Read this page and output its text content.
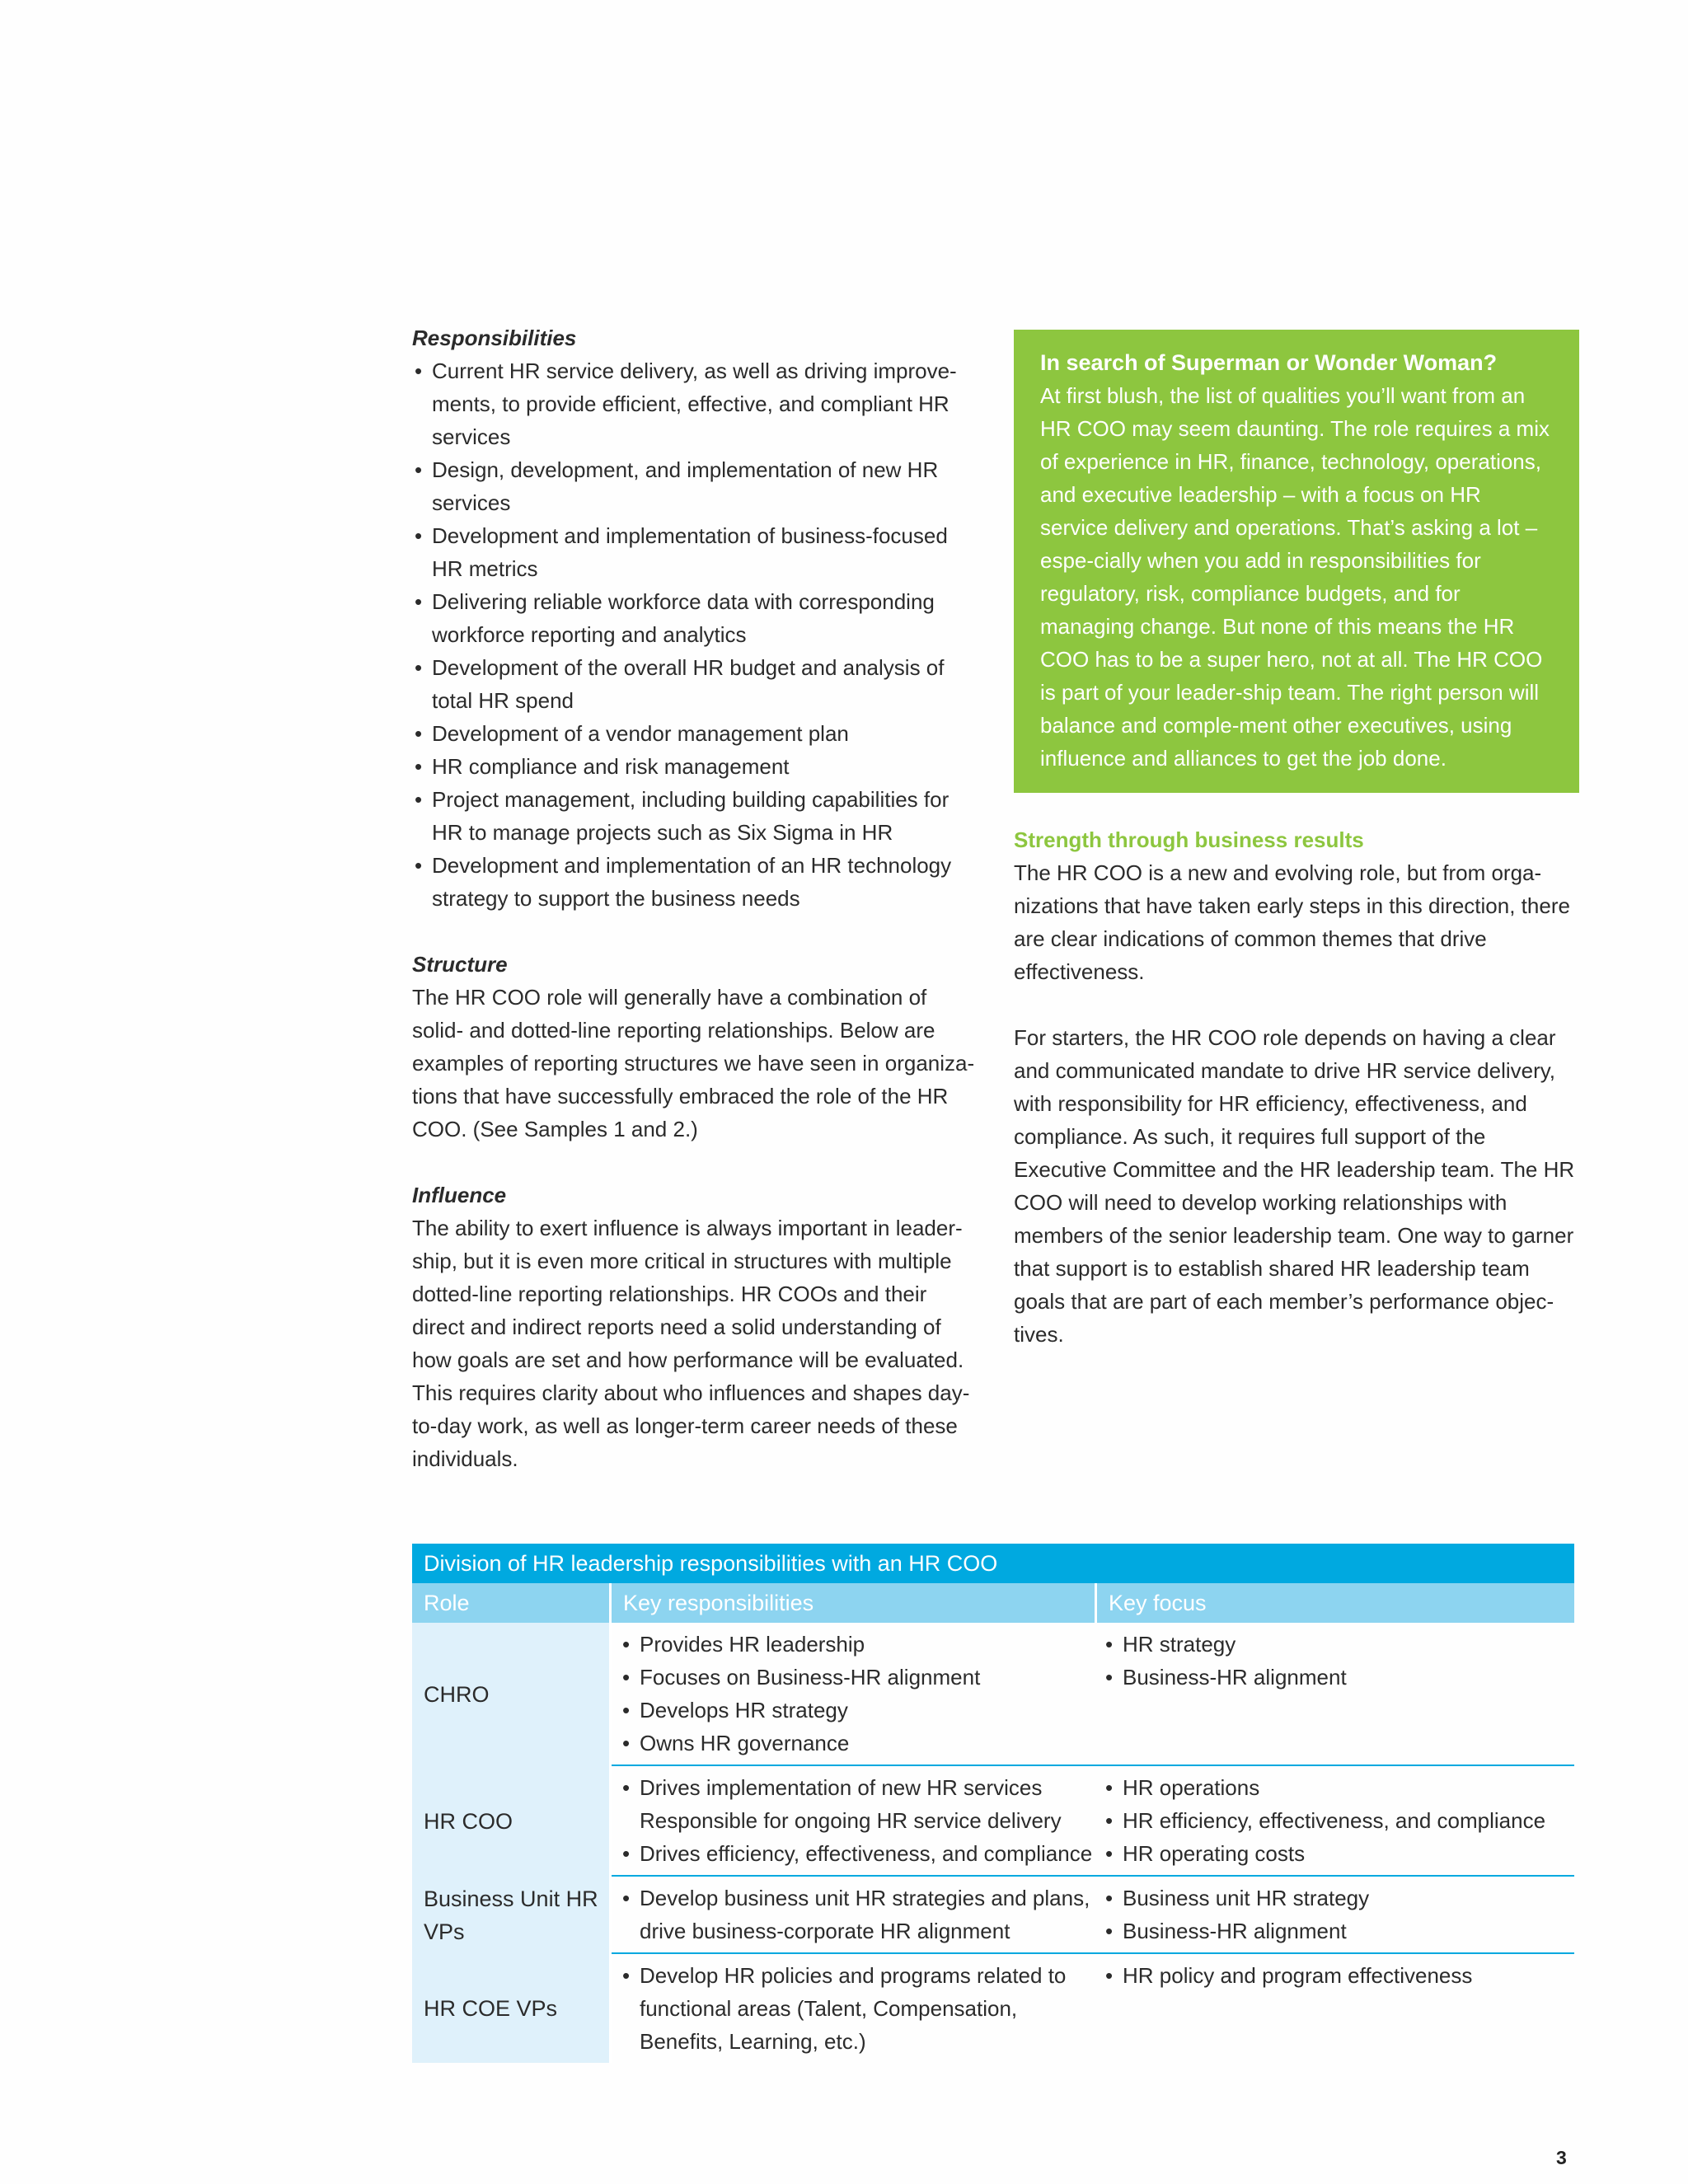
Responsibilities

• Current HR service delivery, as well as driving improve-ments, to provide efficient, effective, and compliant HR services
• Design, development, and implementation of new HR services
• Development and implementation of business-focused HR metrics
• Delivering reliable workforce data with corresponding workforce reporting and analytics
• Development of the overall HR budget and analysis of total HR spend
• Development of a vendor management plan
• HR compliance and risk management
• Project management, including building capabilities for HR to manage projects such as Six Sigma in HR
• Development and implementation of an HR technology strategy to support the business needs

Structure

The HR COO role will generally have a combination of solid- and dotted-line reporting relationships. Below are examples of reporting structures we have seen in organiza-tions that have successfully embraced the role of the HR COO. (See Samples 1 and 2.)

Influence

The ability to exert influence is always important in leader-ship, but it is even more critical in structures with multiple dotted-line reporting relationships. HR COOs and their direct and indirect reports need a solid understanding of how goals are set and how performance will be evaluated. This requires clarity about who influences and shapes day-to-day work, as well as longer-term career needs of these individuals.

In search of Superman or Wonder Woman?
At first blush, the list of qualities you’ll want from an HR COO may seem daunting. The role requires a mix of experience in HR, finance, technology, operations, and executive leadership – with a focus on HR service delivery and operations. That’s asking a lot – espe-cially when you add in responsibilities for regulatory, risk, compliance budgets, and for managing change. But none of this means the HR COO has to be a super hero, not at all. The HR COO is part of your leader-ship team. The right person will balance and comple-ment other executives, using influence and alliances to get the job done.
Strength through business results

The HR COO is a new and evolving role, but from orga-nizations that have taken early steps in this direction, there are clear indications of common themes that drive effectiveness.

For starters, the HR COO role depends on having a clear and communicated mandate to drive HR service delivery, with responsibility for HR efficiency, effectiveness, and compliance. As such, it requires full support of the Executive Committee and the HR leadership team. The HR COO will need to develop working relationships with members of the senior leadership team. One way to garner that support is to establish shared HR leadership team goals that are part of each member’s performance objec-tives.

Division of HR leadership responsibilities with an HR COO
Role	Key responsibilities	Key focus
CHRO
• Provides HR leadership
• Focuses on Business-HR alignment
• Develops HR strategy
• Owns HR governance
• HR strategy
• Business-HR alignment
HR COO
• Drives implementation of new HR services
Responsible for ongoing HR service delivery
• Drives efficiency, effectiveness, and compliance
• HR operations
• HR efficiency, effectiveness, and compliance
• HR operating costs
Business Unit HR VPs
• Develop business unit HR strategies and plans, drive business-corporate HR alignment
• Business unit HR strategy
• Business-HR alignment
HR COE VPs
• Develop HR policies and programs related to functional areas (Talent, Compensation, Benefits, Learning, etc.)
• HR policy and program effectiveness
3
